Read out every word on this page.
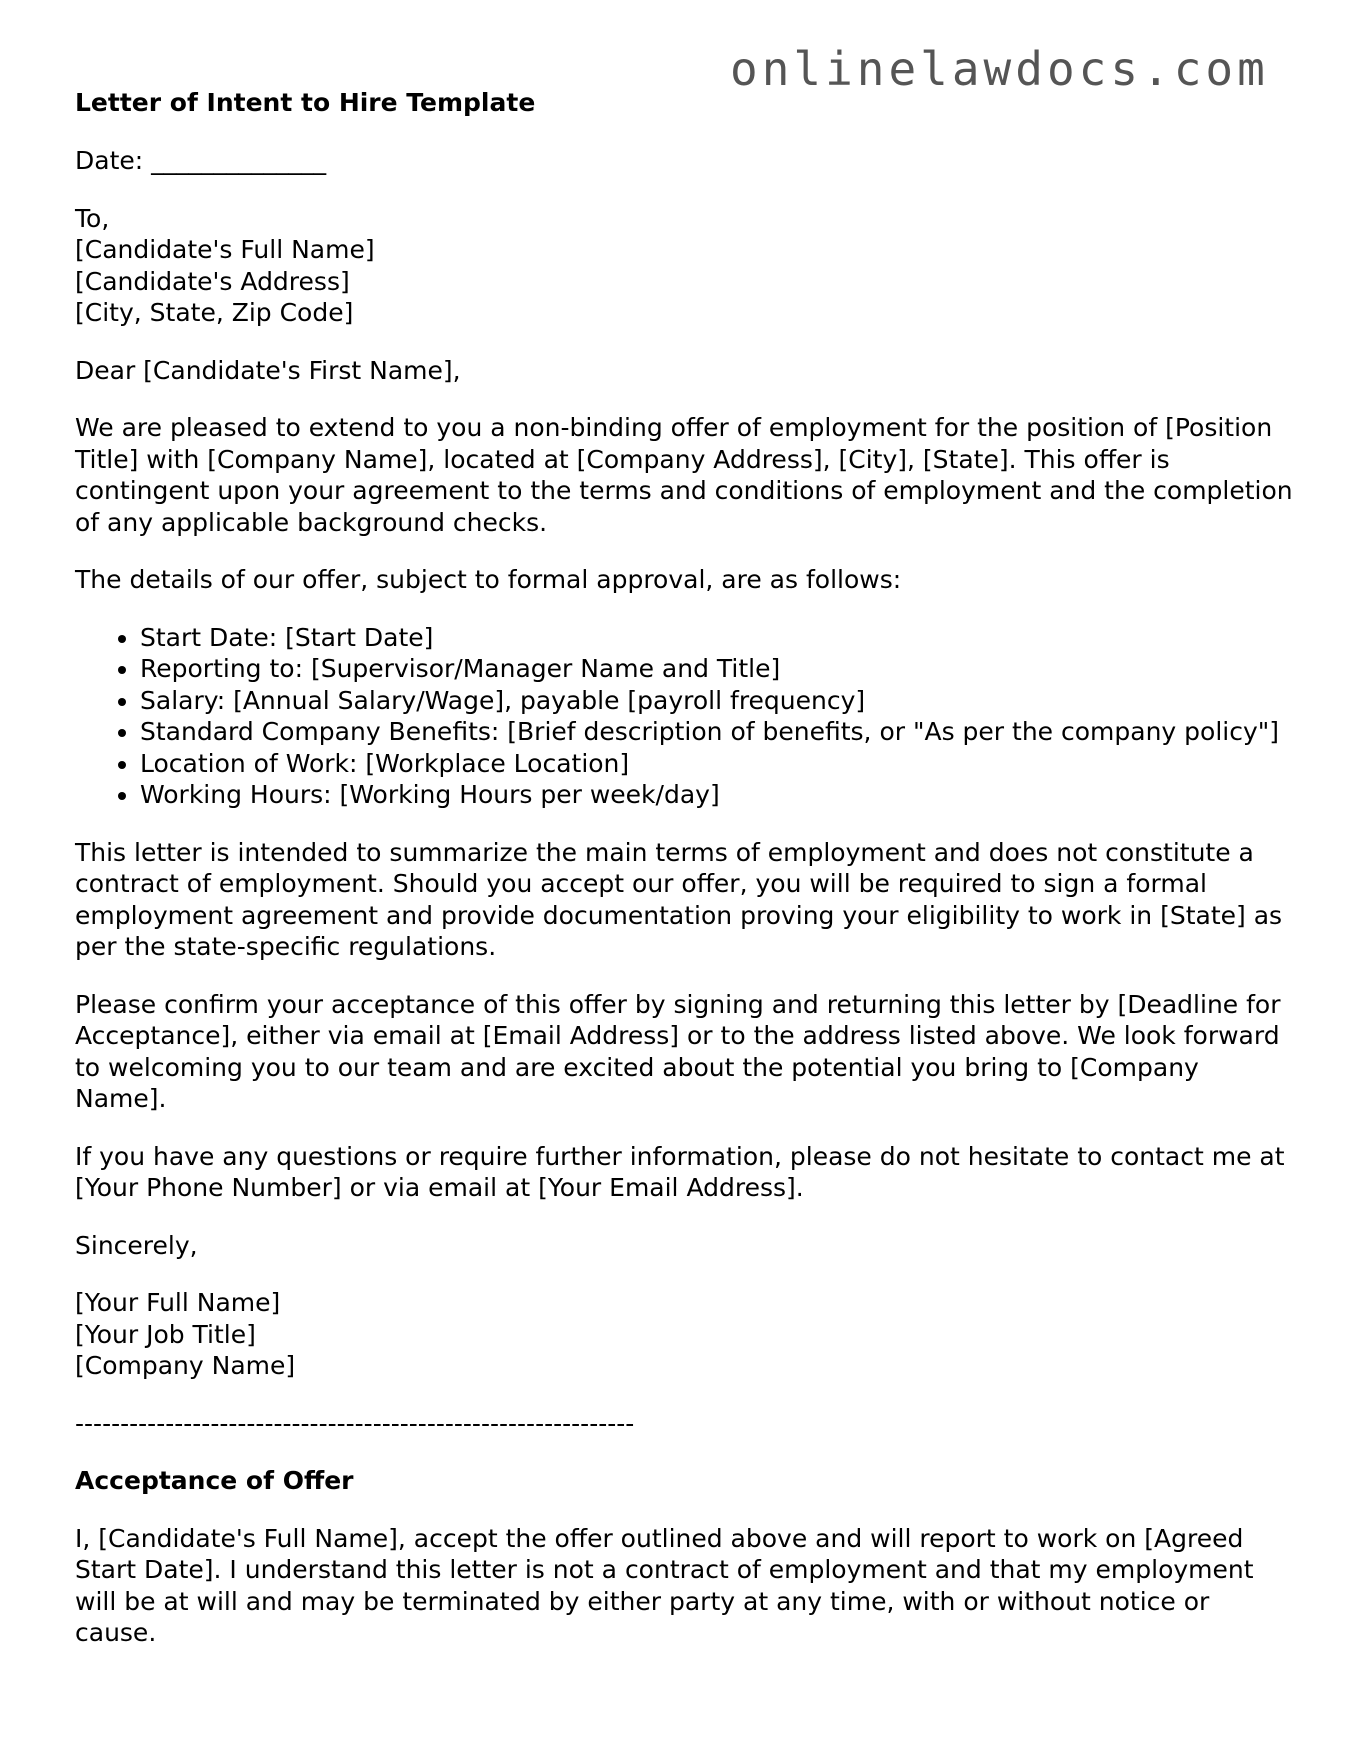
onlinelawdocs.com

Letter of Intent to Hire Template

Date: ______________

To,
[Candidate's Full Name]
[Candidate's Address]
[City, State, Zip Code]

Dear [Candidate's First Name],

We are pleased to extend to you a non-binding offer of employment for the position of [Position Title] with [Company Name], located at [Company Address], [City], [State]. This offer is contingent upon your agreement to the terms and conditions of employment and the completion of any applicable background checks.

The details of our offer, subject to formal approval, are as follows:

• Start Date: [Start Date]
• Reporting to: [Supervisor/Manager Name and Title]
• Salary: [Annual Salary/Wage], payable [payroll frequency]
• Standard Company Benefits: [Brief description of benefits, or "As per the company policy"]
• Location of Work: [Workplace Location]
• Working Hours: [Working Hours per week/day]

This letter is intended to summarize the main terms of employment and does not constitute a contract of employment. Should you accept our offer, you will be required to sign a formal employment agreement and provide documentation proving your eligibility to work in [State] as per the state-specific regulations.

Please confirm your acceptance of this offer by signing and returning this letter by [Deadline for Acceptance], either via email at [Email Address] or to the address listed above. We look forward to welcoming you to our team and are excited about the potential you bring to [Company Name].

If you have any questions or require further information, please do not hesitate to contact me at [Your Phone Number] or via email at [Your Email Address].

Sincerely,

[Your Full Name]
[Your Job Title]
[Company Name]

--------------------------------------------------------------

Acceptance of Offer

I, [Candidate's Full Name], accept the offer outlined above and will report to work on [Agreed Start Date]. I understand this letter is not a contract of employment and that my employment will be at will and may be terminated by either party at any time, with or without notice or cause.
